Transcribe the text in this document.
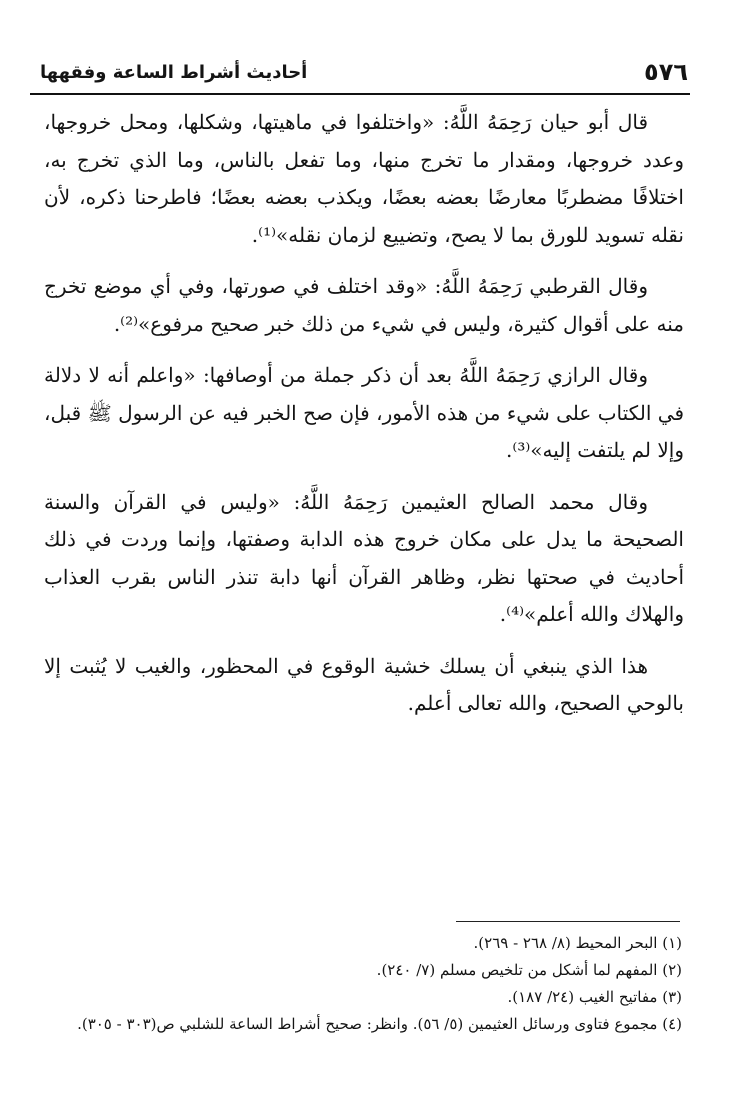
٥٧٦
أحاديث أشراط الساعة وفقهها

قال أبو حيان رَحِمَهُ اللَّهُ: «واختلفوا في ماهيتها، وشكلها، ومحل خروجها، وعدد خروجها، ومقدار ما تخرج منها، وما تفعل بالناس، وما الذي تخرج به، اختلافًا مضطربًا معارضًا بعضه بعضًا، ويكذب بعضه بعضًا؛ فاطرحنا ذكره، لأن نقله تسويد للورق بما لا يصح، وتضييع لزمان نقله»⁽¹⁾.

وقال القرطبي رَحِمَهُ اللَّهُ: «وقد اختلف في صورتها، وفي أي موضع تخرج منه على أقوال كثيرة، وليس في شيء من ذلك خبر صحيح مرفوع»⁽²⁾.

وقال الرازي رَحِمَهُ اللَّهُ بعد أن ذكر جملة من أوصافها: «واعلم أنه لا دلالة في الكتاب على شيء من هذه الأمور، فإن صح الخبر فيه عن الرسول ﷺ قبل، وإلا لم يلتفت إليه»⁽³⁾.

وقال محمد الصالح العثيمين رَحِمَهُ اللَّهُ: «وليس في القرآن والسنة الصحيحة ما يدل على مكان خروج هذه الدابة وصفتها، وإنما وردت في ذلك أحاديث في صحتها نظر، وظاهر القرآن أنها دابة تنذر الناس بقرب العذاب والهلاك والله أعلم»⁽⁴⁾.

هذا الذي ينبغي أن يسلك خشية الوقوع في المحظور، والغيب لا يُثبت إلا بالوحي الصحيح، والله تعالى أعلم.

(١) البحر المحيط (٨/ ٢٦٨ - ٢٦٩).

(٢) المفهم لما أشكل من تلخيص مسلم (٧/ ٢٤٠).

(٣) مفاتيح الغيب (٢٤/ ١٨٧).

(٤) مجموع فتاوى ورسائل العثيمين (٥/ ٥٦). وانظر: صحيح أشراط الساعة للشلبي ص(٣٠٣ - ٣٠٥).
